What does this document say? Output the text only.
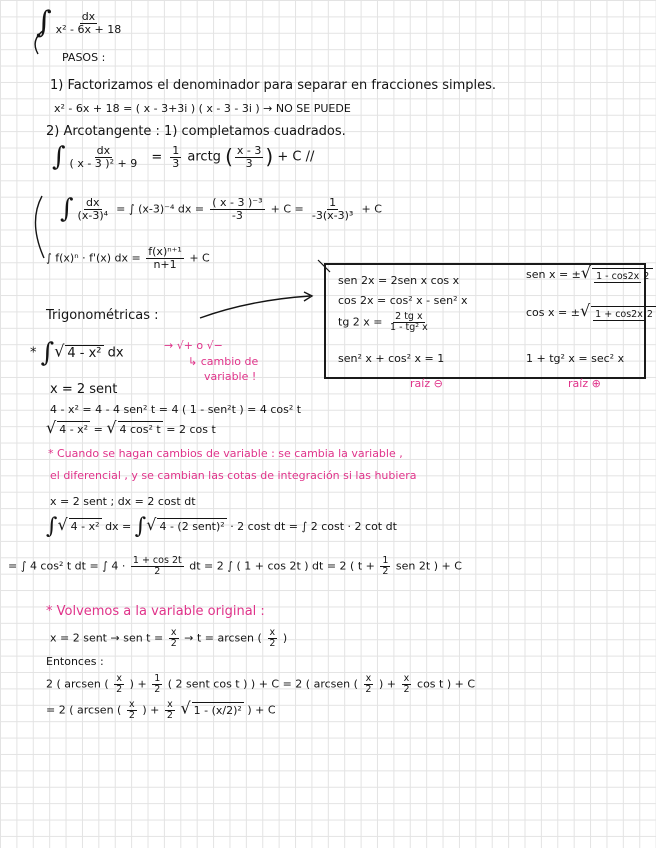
∫ $\frac{dx}{\text{x² - 6x + 18}}$
PASOS :
1) Factorizamos el denominador para separar en fracciones simples.
x² - 6x + 18 = ( x - 3+3i ) ( x - 3 - 3i ) → NO SE PUEDE
2) Arcotangente : 1) completamos cuadrados.
∫ $\frac{dx}{\text{( x - 3 )² + 9}} = \frac{1}{3}$ arctg ( $\frac{x - 3}{3}$ ) + C //
∫ $\frac{dx}{\text{(x-3)⁴}}$ = ∫ (x-3)⁻⁴ dx = $\frac{\text{( x - 3 )⁻³}}{-3} + C = \frac{1}{\text{-3(x-3)³}} + C$
∫ f(x)ⁿ · f'(x) dx = $\frac{\text{f(x)ⁿ⁺¹}}{n+1} + C$
sen 2x = 2sen x cos x
cos 2x = cos² x - sen² x
tg 2 $x = \frac{\text{2 tg x}}{\text{1 - tg² x}}$
sen² x + cos² x = 1
sen x = ±√ 1 - cos2x 2
cos x = ±√ 1 + cos2x 2
1 + tg² x = sec² x
raíz ⊖	raíz ⊕
Trigonométricas :
* ∫√ 4 - x² dx	→ √+ o √−
↳ cambio de
variable !
x = 2 sent
4 - x² = 4 - 4 sen² t = 4 ( 1 - sen²t ) = 4 cos² t
√ 4 - x² = √ 4 cos² t = 2 cos t
* Cuando se hagan cambios de variable : se cambia la variable ,
el diferencial , y se cambian las cotas de integración si las hubiera
x = 2 sent ; dx = 2 cost dt
∫√ 4 - x² dx = ∫√ 4 - (2 sent)² · 2 cost dt = ∫ 2 cost · 2 cot dt
= ∫ 4 cos² t dt = ∫ $4 \cdot \frac{1 + \cos 2t}{2}$ dt = 2 ∫ ( 1 + cos 2t ) dt = 2 ( $t + \frac{1}{2}$ sen 2t ) + C
* Volvemos a la variable original :
x = 2 sent → sen $t = \frac{x}{2} \to t$ = arcsen ( $\frac{x}{2}$ )
Entonces :
2 ( arcsen ( $\frac{x}{2}$ ) + $\frac{1}{2}$ ( 2 sent cos t ) ) + C = 2 ( arcsen ( $\frac{x}{2}$ ) + $\frac{x}{2}$ cos t ) + C
= 2 ( arcsen ( $\frac{x}{2}$ ) + $\frac{x}{2}$ √ 1 - (x/2)² ) + C
